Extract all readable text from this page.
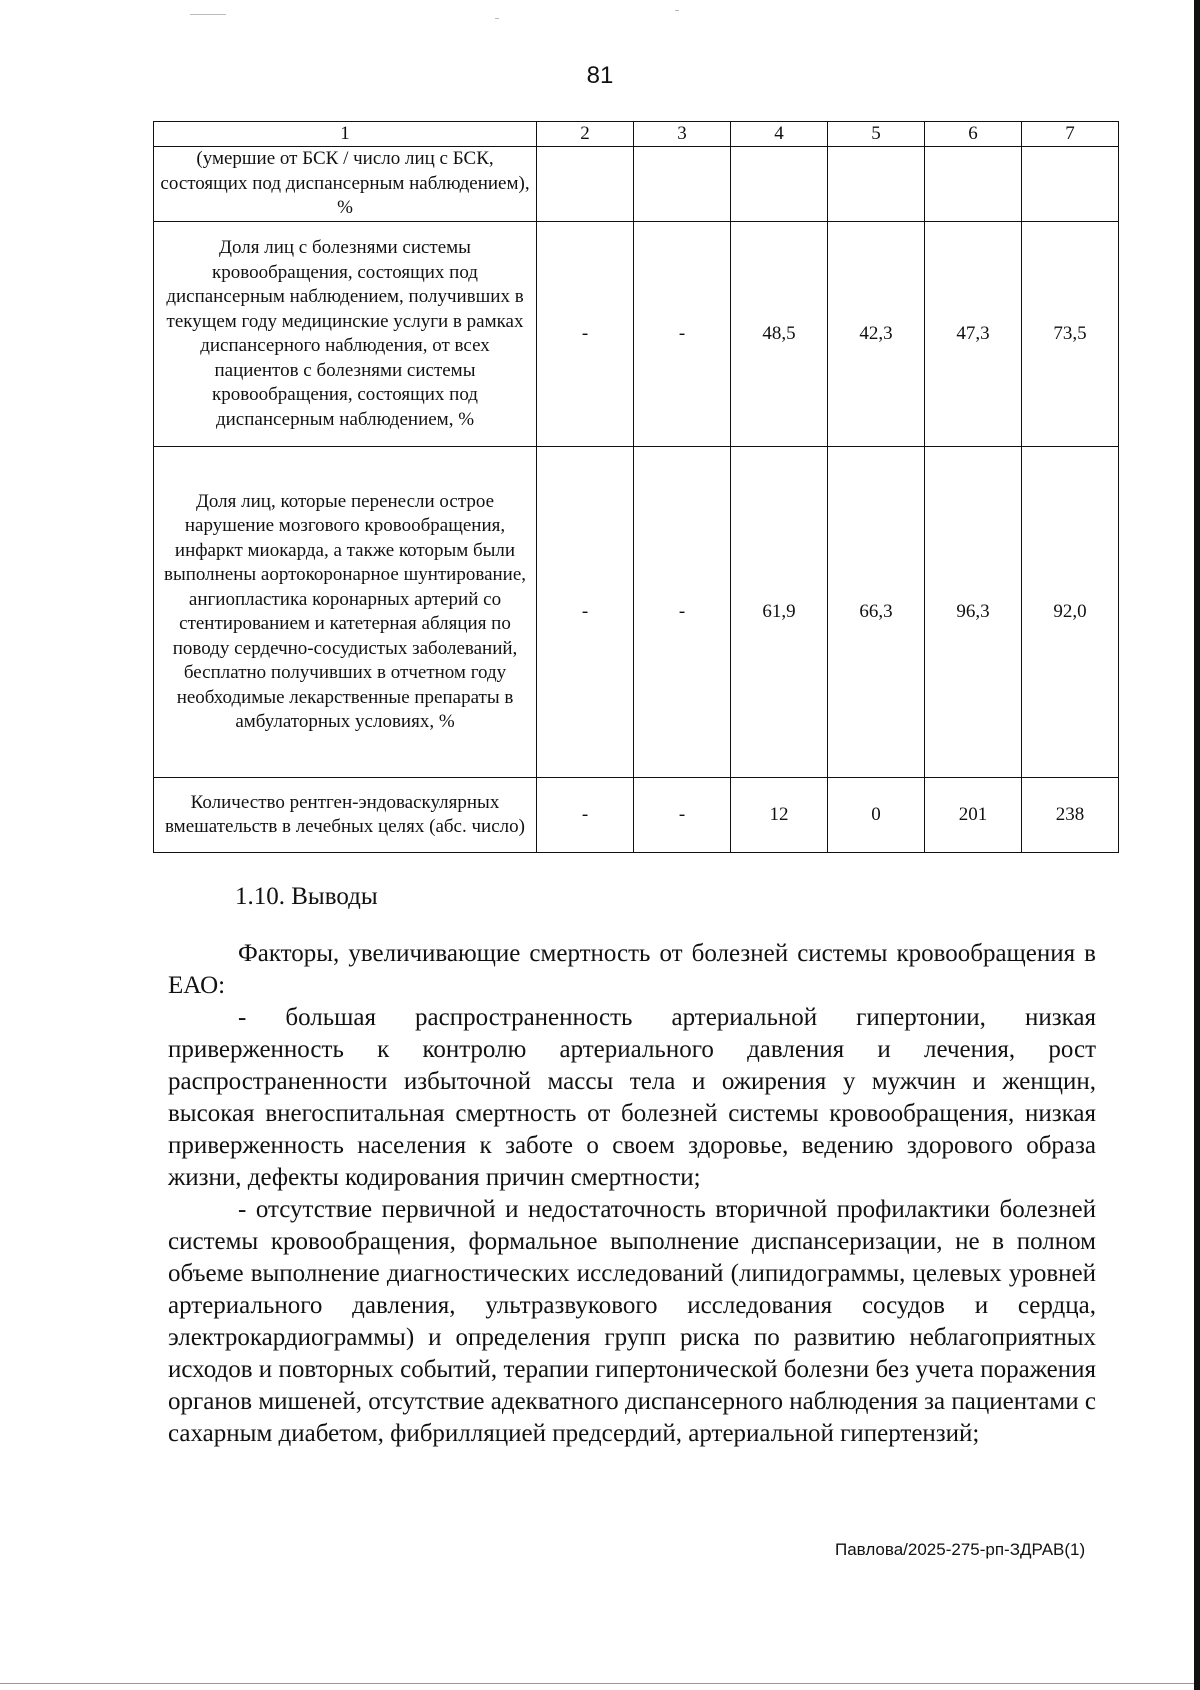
81
1	2	3	4	5	6	7
(умершие от БСК / число лиц с БСК, состоящих под диспансерным наблюдением), %						
Доля лиц с болезнями системы кровообращения, состоящих под диспансерным наблюдением, получивших в текущем году медицинские услуги в рамках диспансерного наблюдения, от всех пациентов с болезнями системы кровообращения, состоящих под диспансерным наблюдением, %	-	-	48,5	42,3	47,3	73,5
Доля лиц, которые перенесли острое нарушение мозгового кровообращения, инфаркт миокарда, а также которым были выполнены аортокоронарное шунтирование, ангиопластика коронарных артерий со стентированием и катетерная абляция по поводу сердечно-сосудистых заболеваний, бесплатно получивших в отчетном году необходимые лекарственные препараты в амбулаторных условиях, %	-	-	61,9	66,3	96,3	92,0
Количество рентген-эндоваскулярных вмешательств в лечебных целях (абс. число)	-	-	12	0	201	238
1.10. Выводы

Факторы, увеличивающие смертность от болезней системы кровообращения в ЕАО:

- большая распространенность артериальной гипертонии, низкая приверженность к контролю артериального давления и лечения, рост распространенности избыточной массы тела и ожирения у мужчин и женщин, высокая внегоспитальная смертность от болезней системы кровообращения, низкая приверженность населения к заботе о своем здоровье, ведению здорового образа жизни, дефекты кодирования причин смертности;

- отсутствие первичной и недостаточность вторичной профилактики болезней системы кровообращения, формальное выполнение диспансеризации, не в полном объеме выполнение диагностических исследований (липидограммы, целевых уровней артериального давления, ультразвукового исследования сосудов и сердца, электрокардиограммы) и определения групп риска по развитию неблагоприятных исходов и повторных событий, терапии гипертонической болезни без учета поражения органов мишеней, отсутствие адекватного диспансерного наблюдения за пациентами с сахарным диабетом, фибрилляцией предсердий, артериальной гипертензий;

Павлова/2025-275-рп-ЗДРАВ(1)
